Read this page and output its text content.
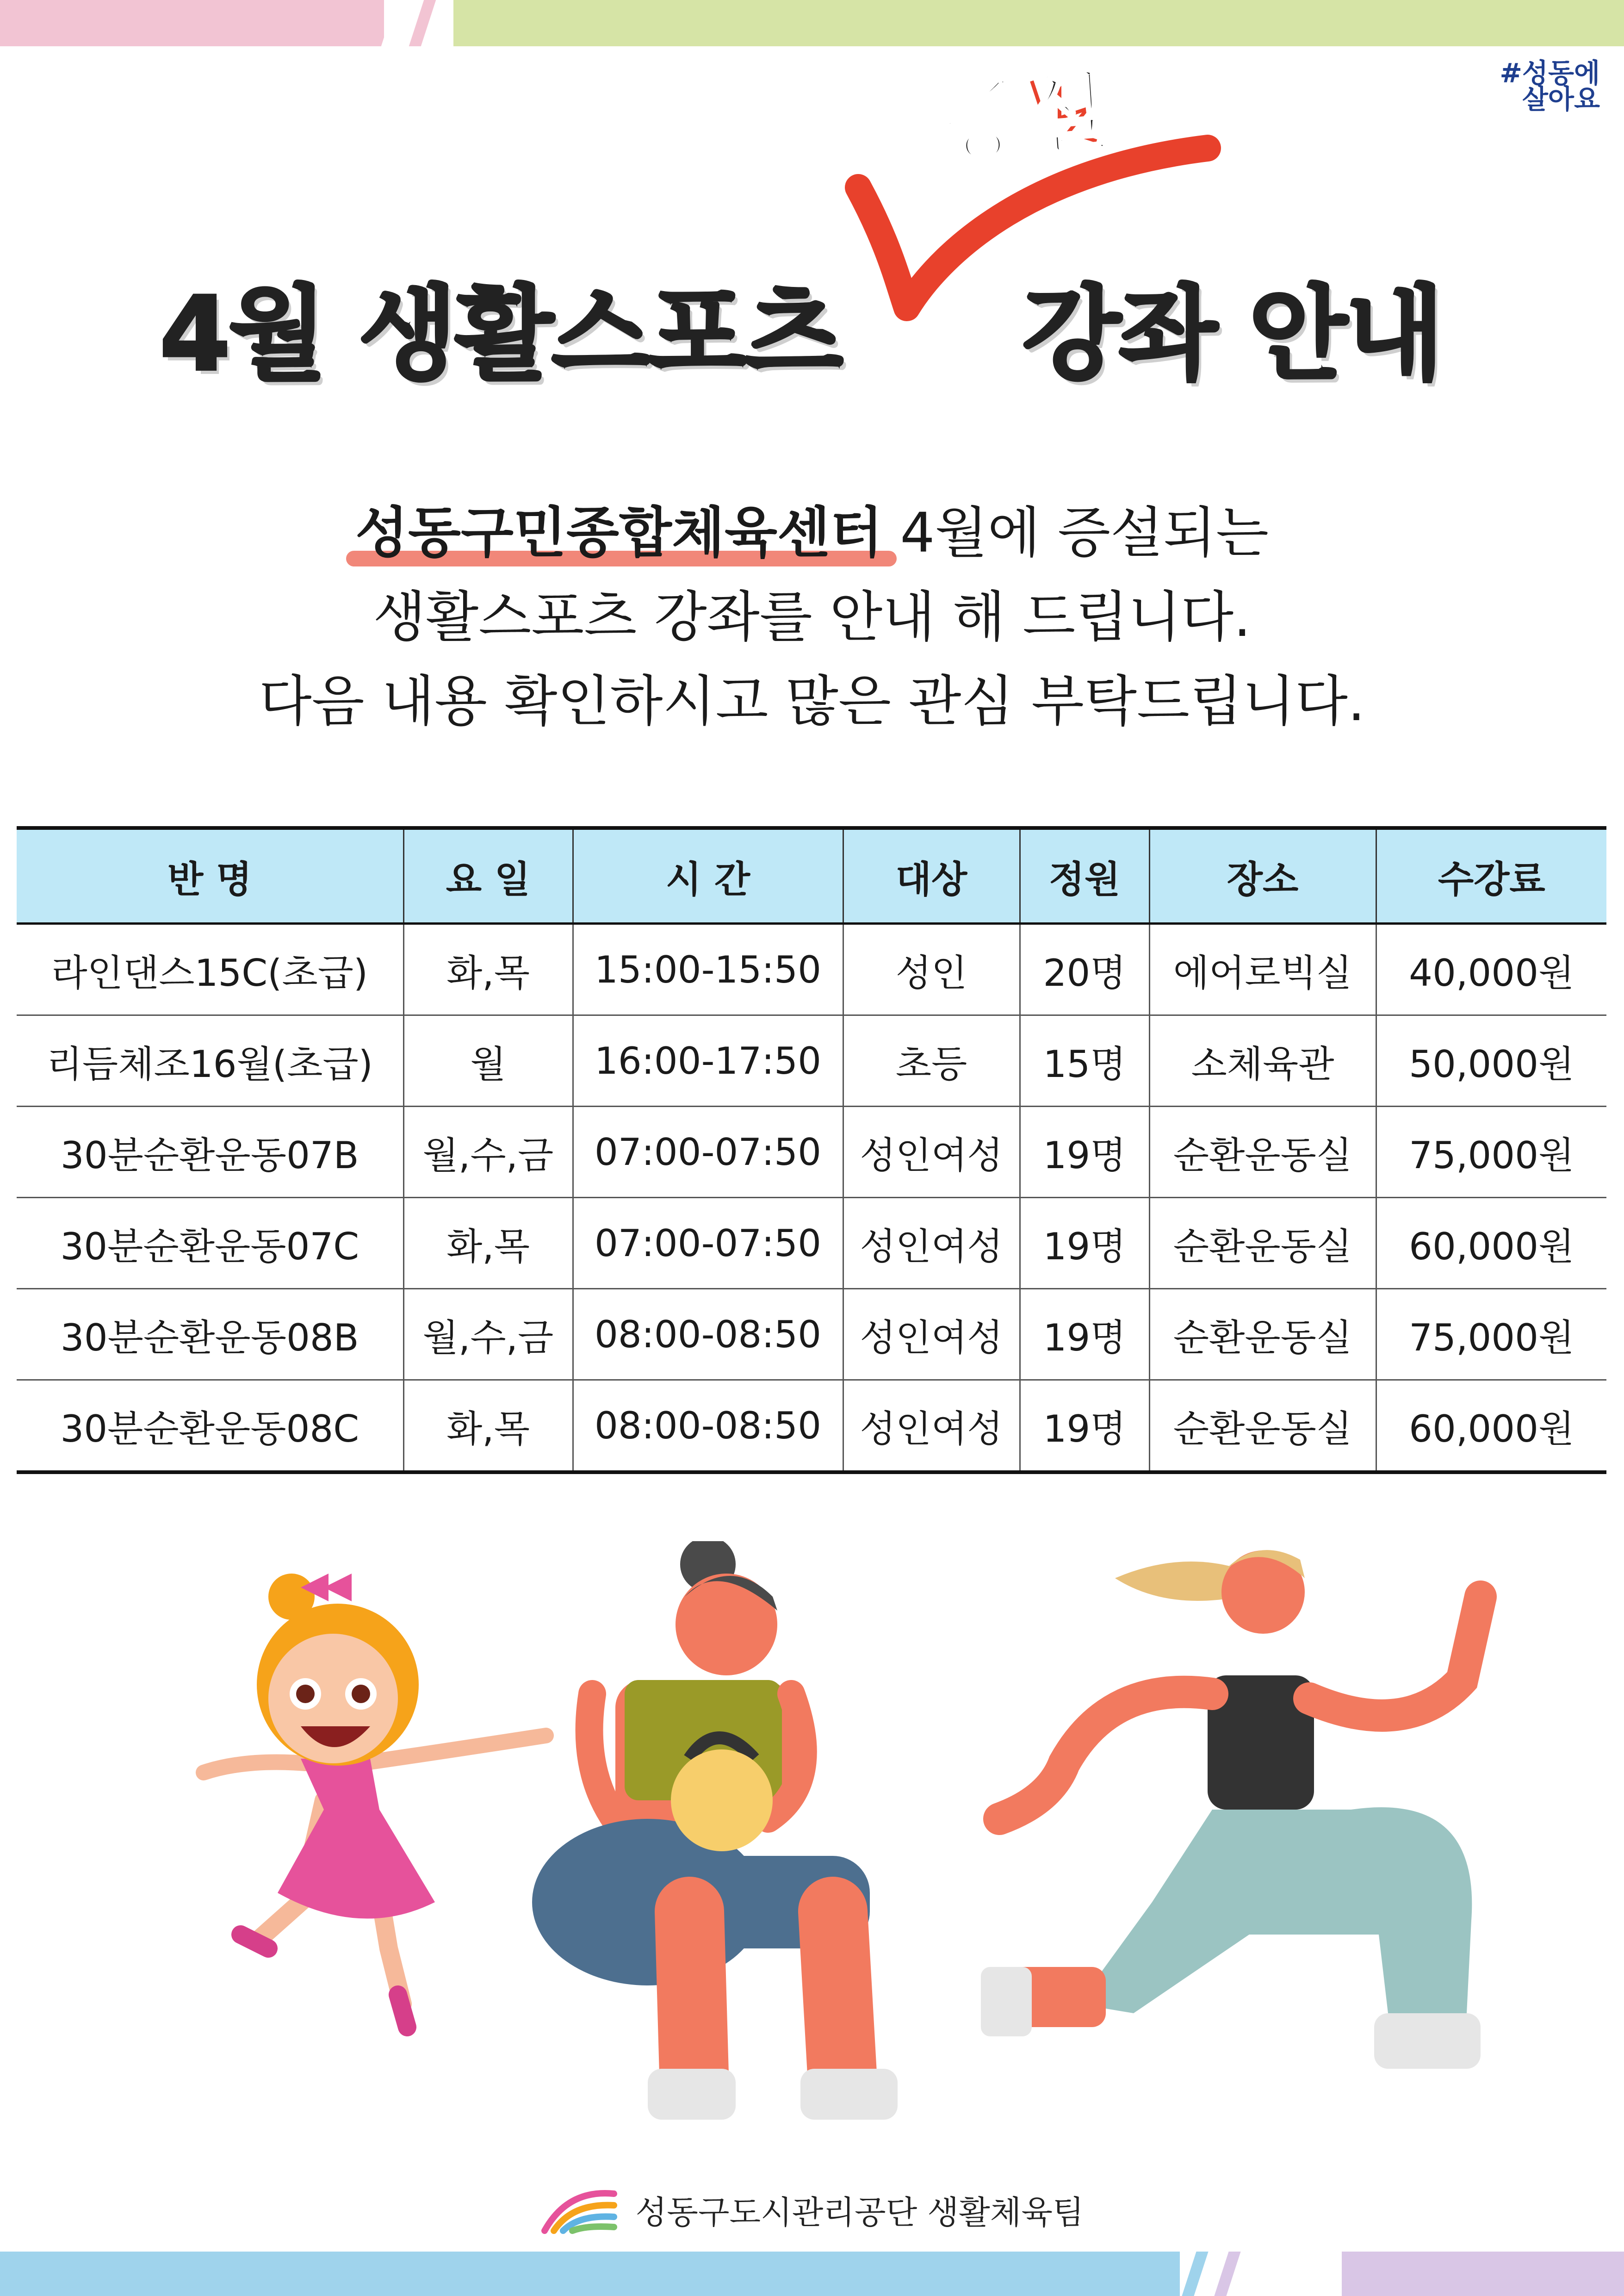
#성동에

살아요
증설
4월 생활스포츠 강좌 안내
성동구민종합체육센터 4월에 증설되는
생활스포츠 강좌를 안내 해 드립니다.
다음 내용 확인하시고 많은 관심 부탁드립니다.
반 명	요 일	시 간	대상	정원	장소	수강료
라인댄스15C(초급)	화,목	15:00-15:50	성인	20명	에어로빅실	40,000원
리듬체조16월(초급)	월	16:00-17:50	초등	15명	소체육관	50,000원
30분순환운동07B	월,수,금	07:00-07:50	성인여성	19명	순환운동실	75,000원
30분순환운동07C	화,목	07:00-07:50	성인여성	19명	순환운동실	60,000원
30분순환운동08B	월,수,금	08:00-08:50	성인여성	19명	순환운동실	75,000원
30분순환운동08C	화,목	08:00-08:50	성인여성	19명	순환운동실	60,000원
성동구도시관리공단 생활체육팀
